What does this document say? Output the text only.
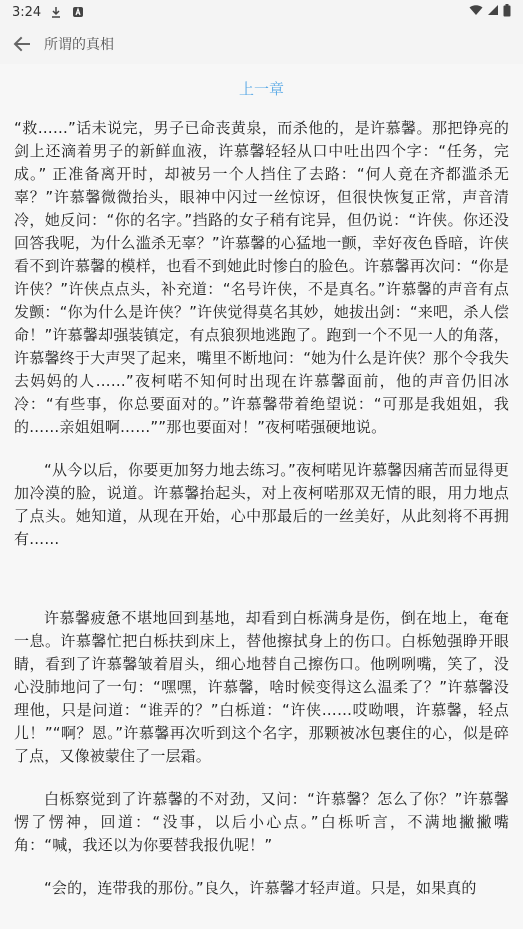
3:24
所谓的真相
上一章

“救……”话未说完，男子已命丧黄泉，而杀他的，是许慕馨。那把铮亮的剑上还滴着男子的新鲜血液，许慕馨轻轻从口中吐出四个字：“任务，完成。” 正准备离开时，却被另一个人挡住了去路：“何人竟在齐都滥杀无辜？”许慕馨微微抬头，眼神中闪过一丝惊讶，但很快恢复正常，声音清冷，她反问：“你的名字。”挡路的女子稍有诧异，但仍说：“许侠。你还没回答我呢，为什么滥杀无辜？”许慕馨的心猛地一颤，幸好夜色昏暗，许侠看不到许慕馨的模样，也看不到她此时惨白的脸色。许慕馨再次问：“你是许侠？”许侠点点头，补充道：“名号许侠，不是真名。”许慕馨的声音有点发颤：“你为什么是许侠？”许侠觉得莫名其妙，她拔出剑：“来吧，杀人偿命！”许慕馨却强装镇定，有点狼狈地逃跑了。跑到一个不见一人的角落，许慕馨终于大声哭了起来，嘴里不断地问：“她为什么是许侠？那个令我失去妈妈的人……”夜柯喏不知何时出现在许慕馨面前，他的声音仍旧冰冷：“有些事，你总要面对的。”许慕馨带着绝望说：“可那是我姐姐，我的……亲姐姐啊……””那也要面对！”夜柯喏强硬地说。

“从今以后，你要更加努力地去练习。”夜柯喏见许慕馨因痛苦而显得更加冷漠的脸，说道。许慕馨抬起头，对上夜柯喏那双无情的眼，用力地点了点头。她知道，从现在开始，心中那最后的一丝美好，从此刻将不再拥有……

许慕馨疲惫不堪地回到基地，却看到白栎满身是伤，倒在地上，奄奄一息。许慕馨忙把白栎扶到床上，替他擦拭身上的伤口。白栎勉强睁开眼睛，看到了许慕馨皱着眉头，细心地替自己擦伤口。他咧咧嘴，笑了，没心没肺地问了一句：“嘿嘿，许慕馨，啥时候变得这么温柔了？”许慕馨没理他，只是问道：“谁弄的？”白栎道：“许侠……哎呦喂，许慕馨，轻点儿！”“啊？恩。”许慕馨再次听到这个名字，那颗被冰包裹住的心，似是碎了点，又像被蒙住了一层霜。

白栎察觉到了许慕馨的不对劲，又问：“许慕馨？怎么了你？”许慕馨愣了愣神，回道：“没事，以后小心点。”白栎听言，不满地撇撇嘴角：“喊，我还以为你要替我报仇呢！”

“会的，连带我的那份。”良久，许慕馨才轻声道。只是，如果真的
